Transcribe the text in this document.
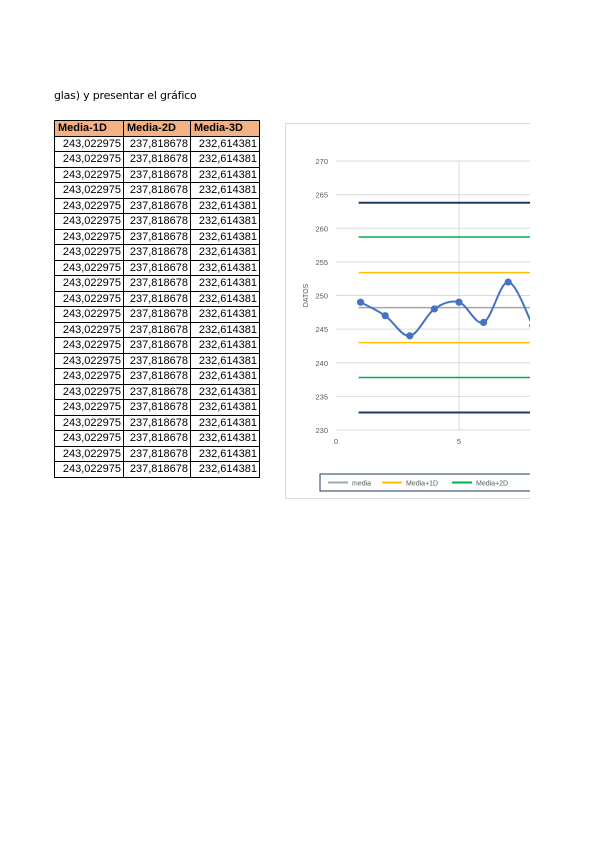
glas) y presentar el gráfico
Media-1D	Media-2D	Media-3D
243,022975	237,818678	232,614381
243,022975	237,818678	232,614381
243,022975	237,818678	232,614381
243,022975	237,818678	232,614381
243,022975	237,818678	232,614381
243,022975	237,818678	232,614381
243,022975	237,818678	232,614381
243,022975	237,818678	232,614381
243,022975	237,818678	232,614381
243,022975	237,818678	232,614381
243,022975	237,818678	232,614381
243,022975	237,818678	232,614381
243,022975	237,818678	232,614381
243,022975	237,818678	232,614381
243,022975	237,818678	232,614381
243,022975	237,818678	232,614381
243,022975	237,818678	232,614381
243,022975	237,818678	232,614381
243,022975	237,818678	232,614381
243,022975	237,818678	232,614381
243,022975	237,818678	232,614381
243,022975	237,818678	232,614381
230
235
240
245
250
255
260
265
270
0	5
DATOS
media	Media+1D	Media+2D
